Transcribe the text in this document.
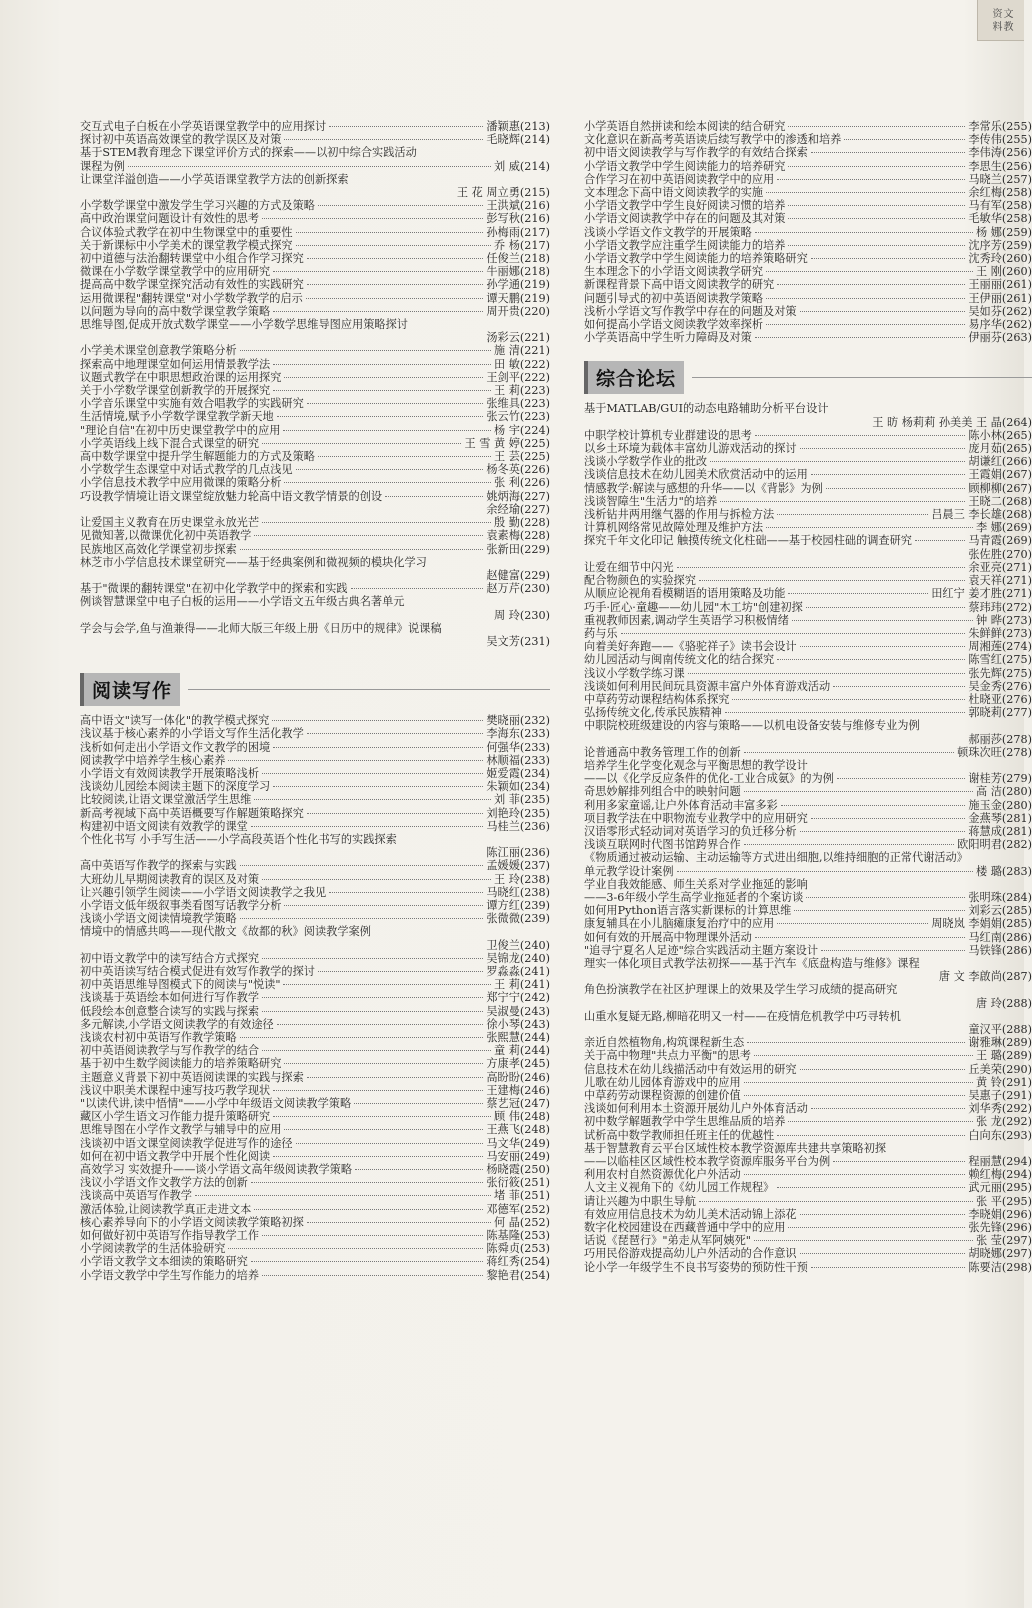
文 教 资 料
交互式电子白板在小学英语课堂教学中的应用探讨	潘颖惠(213)
探讨初中英语高效课堂的教学误区及对策	毛晓辉(214)
基于STEM教育理念下课堂评价方式的探索——以初中综合实践活动
课程为例	刘 威(214)
让课堂洋溢创造——小学英语课堂教学方法的创新探索
王 花 周立勇(215)
小学数学课堂中激发学生学习兴趣的方式及策略	王洪斌(216)
高中政治课堂问题设计有效性的思考	彭写秋(216)
合议体验式教学在初中生物课堂中的重要性	孙梅雨(217)
关于新课标中小学美术的课堂教学模式探究	乔 杨(217)
初中道德与法治翻转课堂中小组合作学习探究	任俊兰(218)
微课在小学数学课堂教学中的应用研究	牛丽娜(218)
提高高中数学课堂探究活动有效性的实践研究	孙学通(219)
运用微课程"翻转课堂"对小学数学教学的启示	谭天鹏(219)
以问题为导向的高中数学课堂教学策略	周开贵(220)
思维导图,促成开放式数学课堂——小学数学思维导图应用策略探讨
汤彩云(221)
小学美术课堂创意教学策略分析	施 清(221)
探索高中地理课堂如何运用情景教学法	田 敏(222)
议题式教学在中职思想政治课的运用探究	王剑平(222)
关于小学数学课堂创新教学的开展探究	王 莉(223)
小学音乐课堂中实施有效合唱教学的实践研究	张维具(223)
生活情境,赋予小学数学课堂教学新天地	张云竹(223)
"理论自信"在初中历史课堂教学中的应用	杨 宇(224)
小学英语线上线下混合式课堂的研究	王 雪 黄 婷(225)
高中数学课堂中提升学生解题能力的方式及策略	王 芸(225)
小学数学生态课堂中对话式教学的几点浅见	杨冬英(226)
小学信息技术教学中应用微课的策略分析	张 利(226)
巧设教学情境让语文课堂绽放魅力轮高中语文教学情景的创设	姚炳海(227)
余经瑜(227)
让爱国主义教育在历史课堂永放光芒	殷 勤(228)
见微知著,以微课优化初中英语教学	袁素梅(228)
民族地区高效化学课堂初步探索	张新田(229)
林芝市小学信息技术课堂研究——基于经典案例和微视频的模块化学习
赵健富(229)
基于"微课的翻转课堂"在初中化学教学中的探索和实践	赵万芹(230)
例谈智慧课堂中电子白板的运用——小学语文五年级古典名著单元
周 玲(230)
学会与会学,鱼与渔兼得——北师大版三年级上册《日历中的规律》说课稿
吴文芳(231)
阅读写作
高中语文"读写一体化"的教学模式探究	樊晓丽(232)
浅议基于核心素养的小学语文写作生活化教学	李海东(233)
浅析如何走出小学语文作文教学的困境	何强华(233)
阅读教学中培养学生核心素养	林顺福(233)
小学语文有效阅读教学开展策略浅析	姬爱霞(234)
浅谈幼儿园绘本阅读主题下的深度学习	朱颖如(234)
比较阅读,让语文课堂激活学生思维	刘 菲(235)
新高考视域下高中英语概要写作解题策略探究	刘艳玲(235)
构建初中语文阅读有效教学的课堂	马桂兰(236)
个性化书写 小手写生活——小学高段英语个性化书写的实践探索
陈江丽(236)
高中英语写作教学的探索与实践	孟媛媛(237)
大班幼儿早期阅读教育的误区及对策	王 玲(238)
让兴趣引领学生阅读——小学语文阅读教学之我见	马晓红(238)
小学语文低年级叙事类看图写话教学分析	谭方红(239)
浅谈小学语文阅读情境教学策略	张微微(239)
情境中的情感共鸣——现代散文《故都的秋》阅读教学案例
卫俊兰(240)
初中语文教学中的读写结合方式探究	吴锦龙(240)
初中英语读写结合模式促进有效写作教学的探讨	罗淼淼(241)
初中英语思维导图模式下的阅读与"悦读"	王 莉(241)
浅谈基于英语绘本如何进行写作教学	郑宁宁(242)
低段绘本创意整合读写的实践与探索	吴淑曼(243)
多元解读,小学语文阅读教学的有效途径	徐小琴(243)
浅谈农村初中英语写作教学策略	张熙慧(244)
初中英语阅读教学与写作教学的结合	童 莉(244)
基于初中生数学阅读能力的培养策略研究	方康孝(245)
主题意义背景下初中英语阅读课的实践与探索	高盼盼(246)
浅议中职美术课程中速写技巧教学现状	王建梅(246)
"以读代讲,读中悟情"——小学中年级语文阅读教学策略	蔡艺冠(247)
藏区小学生语文习作能力提升策略研究	顾 伟(248)
思维导图在小学作文教学与辅导中的应用	王燕飞(248)
浅谈初中语文课堂阅读教学促进写作的途径	马文华(249)
如何在初中语文教学中开展个性化阅读	马安丽(249)
高效学习 实效提升——谈小学语文高年级阅读教学策略	杨晓霞(250)
浅议小学语文作文教学方法的创新	张衍筱(251)
浅谈高中英语写作教学	堵 菲(251)
激活体验,让阅读教学真正走进文本	邓德军(252)
核心素养导向下的小学语文阅读教学策略初探	何 晶(252)
如何做好初中英语写作指导教学工作	陈基隆(253)
小学阅读教学的生活体验研究	陈舜贞(253)
小学语文教学文本细读的策略研究	蒋红秀(254)
小学语文教学中学生写作能力的培养	黎艳君(254)
小学英语自然拼读和绘本阅读的结合研究	李常乐(255)
文化意识在新高考英语读后续写教学中的渗透和培养	李传伟(255)
初中语文阅读教学与写作教学的有效结合探索	李伟涛(256)
小学语文教学中学生阅读能力的培养研究	李思生(256)
合作学习在初中英语阅读教学中的应用	马晓兰(257)
文本理念下高中语文阅读教学的实施	余红梅(258)
小学语文教学中学生良好阅读习惯的培养	马有军(258)
小学语文阅读教学中存在的问题及其对策	毛敏华(258)
浅谈小学语文作文教学的开展策略	杨 娜(259)
小学语文教学应注重学生阅读能力的培养	沈序芳(259)
小学语文教学中学生阅读能力的培养策略研究	沈秀玲(260)
生本理念下的小学语文阅读教学研究	王 刚(260)
新课程背景下高中语文阅读教学的研究	王丽丽(261)
问题引导式的初中英语阅读教学策略	王伊丽(261)
浅析小学语文写作教学中存在的问题及对策	吴如芬(262)
如何提高小学语文阅读教学效率探析	易序华(262)
小学英语高中学生听力障碍及对策	伊丽芬(263)
综合论坛
基于MATLAB/GUI的动态电路辅助分析平台设计
王 昉 杨莉莉 孙美美 王 晶(264)
中职学校计算机专业群建设的思考	陈小林(265)
以乡土环境为载体丰富幼儿游戏活动的探讨	庞月茹(265)
浅谈小学数学作业的批改	胡谦红(266)
浅谈信息技术在幼儿园美术欣赏活动中的运用	王霞娟(267)
情感教学:解读与感想的升华——以《背影》为例	顾柳柳(267)
浅谈智障生"生活力"的培养	王晓二(268)
浅析钻井两用继气器的作用与拆检方法	吕晨三 李长雄(268)
计算机网络常见故障处理及维护方法	李 娜(269)
探究千年文化印记 触摸传统文化柱础——基于校园柱础的调查研究	马青霞(269)
张佐胜(270)
让爱在细节中闪光	余亚亮(271)
配合物颜色的实验探究	袁天祥(271)
从顺应论视角看模糊语的语用策略及功能	田红宁 姜才胜(271)
巧手·匠心·童趣——幼儿园"木工坊"创建初探	蔡玮玮(272)
重视教师因素,调动学生英语学习积极情绪	钟 晔(273)
药与乐	朱鲜鲜(273)
向着美好奔跑——《骆驼祥子》读书会设计	周湘莲(274)
幼儿园活动与闽南传统文化的结合探究	陈雪红(275)
浅议小学数学练习课	张先辉(275)
浅谈如何利用民间玩具资源丰富户外体育游戏活动	吴金秀(276)
中草药劳动课程结构体系探究	杜晓亚(276)
弘扬传统文化,传承民族精神	郭晓莉(277)
中职院校班级建设的内容与策略——以机电设备安装与维修专业为例
郝丽莎(278)
论普通高中教务管理工作的创新	顿珠次旺(278)
培养学生化学变化观念与平衡思想的教学设计
——以《化学反应条件的优化-工业合成氨》的为例	谢桂芳(279)
奇思妙解排列组合中的映射问题	高 洁(280)
利用多家童谣,让户外体育活动丰富多彩	施玉金(280)
项目教学法在中职物流专业教学中的应用研究	金燕琴(281)
汉语零形式轻动词对英语学习的负迁移分析	蒋慧成(281)
浅谈互联网时代图书馆跨界合作	欧阳明君(282)
《物质通过被动运输、主动运输等方式进出细胞,以维持细胞的正常代谢活动》
单元教学设计案例	楼 璐(283)
学业自我效能感、师生关系对学业拖延的影响
——3-6年级小学生高学业拖延者的个案访谈	张明珠(284)
如何用Python语言落实新课标的计算思维	刘彩云(285)
康复辅具在小儿脑瘫康复治疗中的应用	周晓岚 李娟娟(285)
如何有效的开展高中物理课外活动	马红南(286)
"追寻宁夏名人足迹"综合实践活动主题方案设计	马铁锋(286)
理实一体化项目式教学法初探——基于汽车《底盘构造与维修》课程
唐 文 李啟尚(287)
角色扮演教学在社区护理课上的效果及学生学习成绩的提高研究
唐 玲(288)
山重水复疑无路,柳暗花明又一村——在疫情危机教学中巧寻转机
童汉平(288)
亲近自然植物角,构筑课程新生态	谢雅琳(289)
关于高中物理"共点力平衡"的思考	王 璐(289)
信息技术在幼儿线描活动中有效运用的研究	丘美荣(290)
儿歌在幼儿园体育游戏中的应用	黄 铃(291)
中草药劳动课程资源的创建价值	吴惠子(291)
浅谈如何利用本土资源开展幼儿户外体育活动	刘华秀(292)
初中数学解题教学中学生思维品质的培养	张 龙(292)
试析高中数学教师担任班主任的优越性	白向东(293)
基于智慧教育云平台区域性校本教学资源库共建共享策略初探
——以临桂区区域性校本教学资源库服务平台为例	程丽慧(294)
利用农村自然资源优化户外活动	赖红梅(294)
人文主义视角下的《幼儿园工作规程》	武元丽(295)
请让兴趣为中职生导航	张 平(295)
有效应用信息技术为幼儿美术活动锦上添花	李晓娟(296)
数字化校园建设在西藏普通中学中的应用	张先锋(296)
话说《琵琶行》"弟走从军阿姨死"	张 莹(297)
巧用民俗游戏提高幼儿户外活动的合作意识	胡晓娜(297)
论小学一年级学生不良书写姿势的预防性干预	陈要洁(298)
